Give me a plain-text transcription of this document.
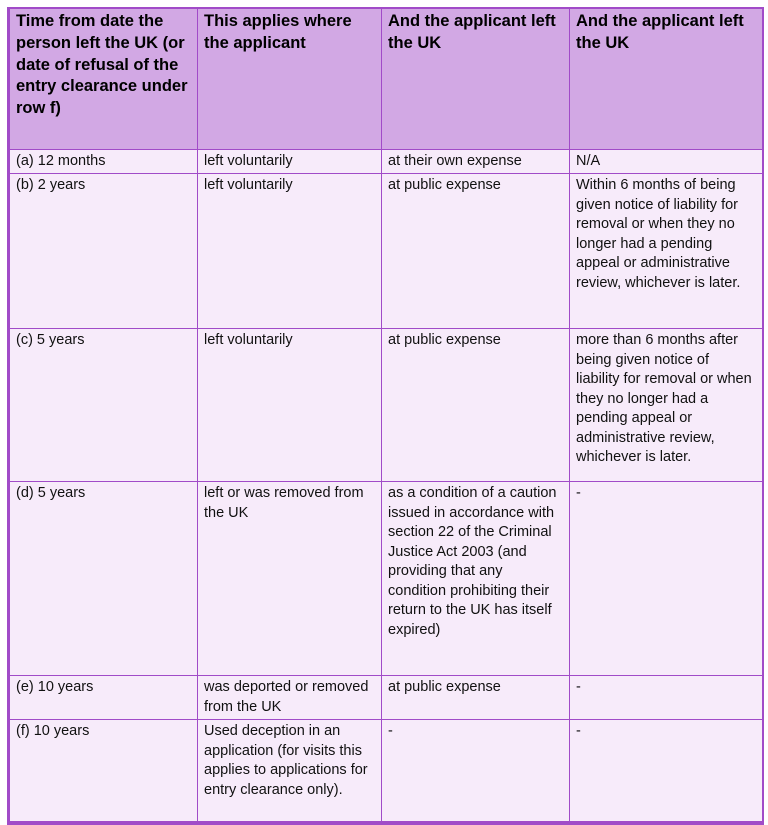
Time from date the person left the UK (or date of refusal of the entry clearance under row f)	This applies where the applicant	And the applicant left the UK	And the applicant left the UK
(a) 12 months	left voluntarily	at their own expense	N/A
(b) 2 years	left voluntarily	at public expense	Within 6 months of being given notice of liability for removal or when they no longer had a pending appeal or administrative review, whichever is later.
(c) 5 years	left voluntarily	at public expense	more than 6 months after being given notice of liability for removal or when they no longer had a pending appeal or administrative review, whichever is later.
(d) 5 years	left or was removed from the UK	as a condition of a caution issued in accordance with section 22 of the Criminal Justice Act 2003 (and providing that any condition prohibiting their return to the UK has itself expired)	-
(e) 10 years	was deported or removed from the UK	at public expense	-
(f) 10 years	Used deception in an application (for visits this applies to applications for entry clearance only).	-	-
